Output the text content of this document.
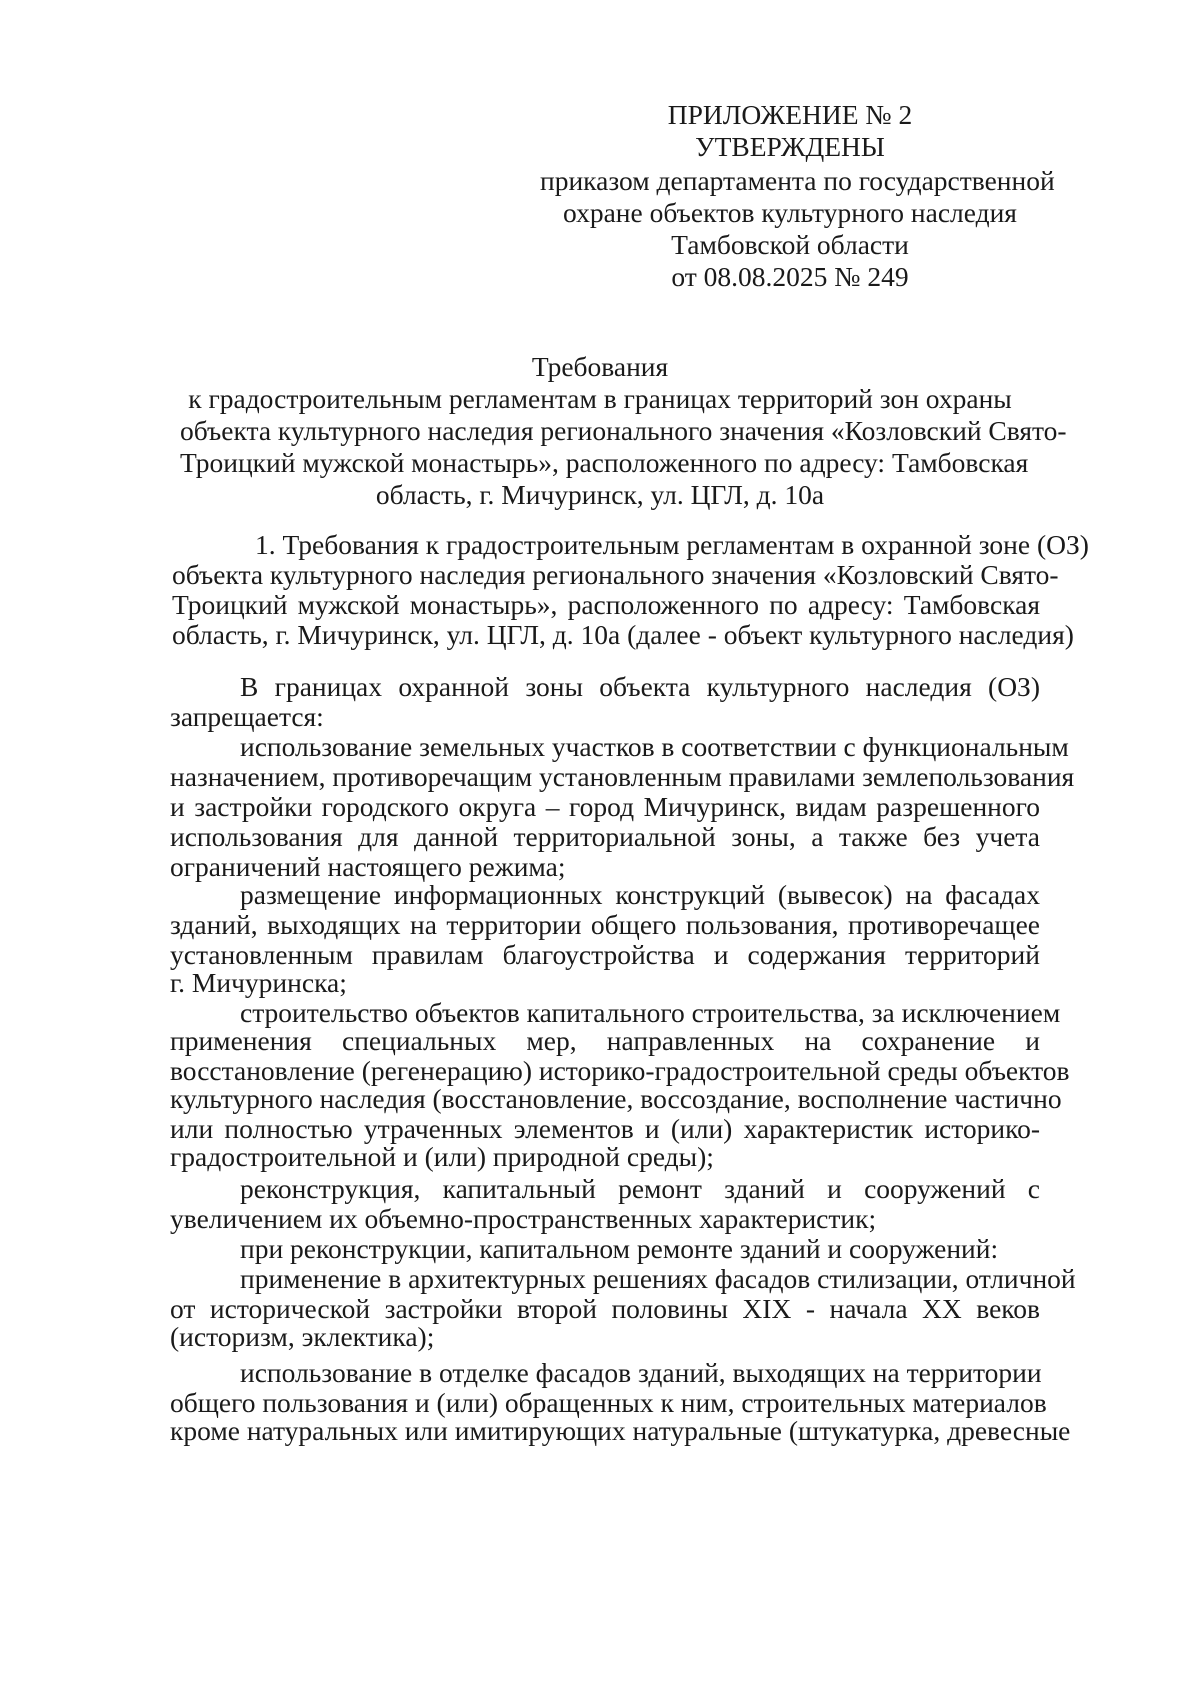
ПРИЛОЖЕНИЕ № 2
УТВЕРЖДЕНЫ
приказом департамента по государственной
охране объектов культурного наследия
Тамбовской области
от 08.08.2025 № 249
Требования
к градостроительным регламентам в границах территорий зон охраны
объекта культурного наследия регионального значения «Козловский Свято-
Троицкий мужской монастырь», расположенного по адресу: Тамбовская
область, г. Мичуринск, ул. ЦГЛ, д. 10а
1. Требования к градостроительным регламентам в охранной зоне (ОЗ)
объекта культурного наследия регионального значения «Козловский Свято-
Троицкий мужской монастырь», расположенного по адресу: Тамбовская
область, г. Мичуринск, ул. ЦГЛ, д. 10а (далее - объект культурного наследия)
В границах охранной зоны объекта культурного наследия (ОЗ)
запрещается:
использование земельных участков в соответствии с функциональным
назначением, противоречащим установленным правилами землепользования
и застройки городского округа – город Мичуринск, видам разрешенного
использования для данной территориальной зоны, а также без учета
ограничений настоящего режима;
размещение информационных конструкций (вывесок) на фасадах
зданий, выходящих на территории общего пользования, противоречащее
установленным правилам благоустройства и содержания территорий
г. Мичуринска;
строительство объектов капитального строительства, за исключением
применения специальных мер, направленных на сохранение и
восстановление (регенерацию) историко-градостроительной среды объектов
культурного наследия (восстановление, воссоздание, восполнение частично
или полностью утраченных элементов и (или) характеристик историко-
градостроительной и (или) природной среды);
реконструкция, капитальный ремонт зданий и сооружений с
увеличением их объемно-пространственных характеристик;
при реконструкции, капитальном ремонте зданий и сооружений:
применение в архитектурных решениях фасадов стилизации, отличной
от исторической застройки второй половины XIX - начала XX веков
(историзм, эклектика);
использование в отделке фасадов зданий, выходящих на территории
общего пользования и (или) обращенных к ним, строительных материалов
кроме натуральных или имитирующих натуральные (штукатурка, древесные
